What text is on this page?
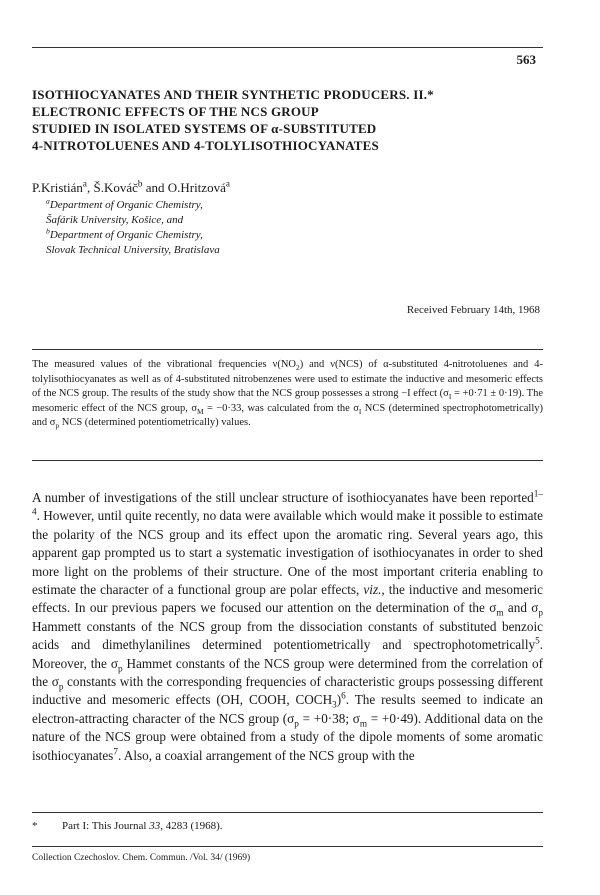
563
ISOTHIOCYANATES AND THEIR SYNTHETIC PRODUCERS. II.*
ELECTRONIC EFFECTS OF THE NCS GROUP
STUDIED IN ISOLATED SYSTEMS OF α-SUBSTITUTED
4-NITROTOLUENES AND 4-TOLYLISOTHIOCYANATES
P.Kristián$^a$, Š.Kováč$^b$ and O.Hritzová$^a$
$^a$Department of Organic Chemistry,
Šafárik University, Košice, and
$^b$Department of Organic Chemistry,
Slovak Technical University, Bratislava
Received February 14th, 1968

The measured values of the vibrational frequencies $\nu(NO_2)$ and ν(NCS) of α-substituted 4-nitrotoluenes and 4-tolylisothiocyanates as well as of 4-substituted nitrobenzenes were used to estimate the inductive and mesomeric effects of the NCS group. The results of the study show that the NCS group possesses a strong −I effect $(\sigma_I = +0\cdot 71 \pm 0\cdot 19)$. The mesomeric effect of the NCS group, $\sigma_M = -0\cdot 33$, was calculated from the $\sigma_I$ NCS (determined spectrophotometrically) and $\sigma_p$ NCS (determined potentiometrically) values.

A number of investigations of the still unclear structure of isothiocyanates have been reported$^{1-4}$. However, until quite recently, no data were available which would make it possible to estimate the polarity of the NCS group and its effect upon the aromatic ring. Several years ago, this apparent gap prompted us to start a systematic investigation of isothiocyanates in order to shed more light on the problems of their structure. One of the most important criteria enabling to estimate the character of a functional group are polar effects, viz., the inductive and mesomeric effects. In our previous papers we focused our attention on the determination of the $\sigma_m$ and $\sigma_p$ Hammett constants of the NCS group from the dissociation constants of substituted benzoic acids and dimethylanilines determined potentiometrically and spectrophotometrically$^5$. Moreover, the $\sigma_p$ Hammet constants of the NCS group were determined from the correlation of the $\sigma_p$ constants with the corresponding frequencies of characteristic groups possessing different inductive and mesomeric effects (OH, COOH, $COCH_3)^6$. The results seemed to indicate an electron-attracting character of the NCS group ($\sigma_p = +0\cdot 38$; $\sigma_m = +0\cdot 49$). Additional data on the nature of the NCS group were obtained from a study of the dipole moments of some aromatic isothiocyanates$^7$. Also, a coaxial arrangement of the NCS group with the

* Part I: This Journal 33, 4283 (1968).
Collection Czechoslov. Chem. Commun. /Vol. 34/ (1969)
